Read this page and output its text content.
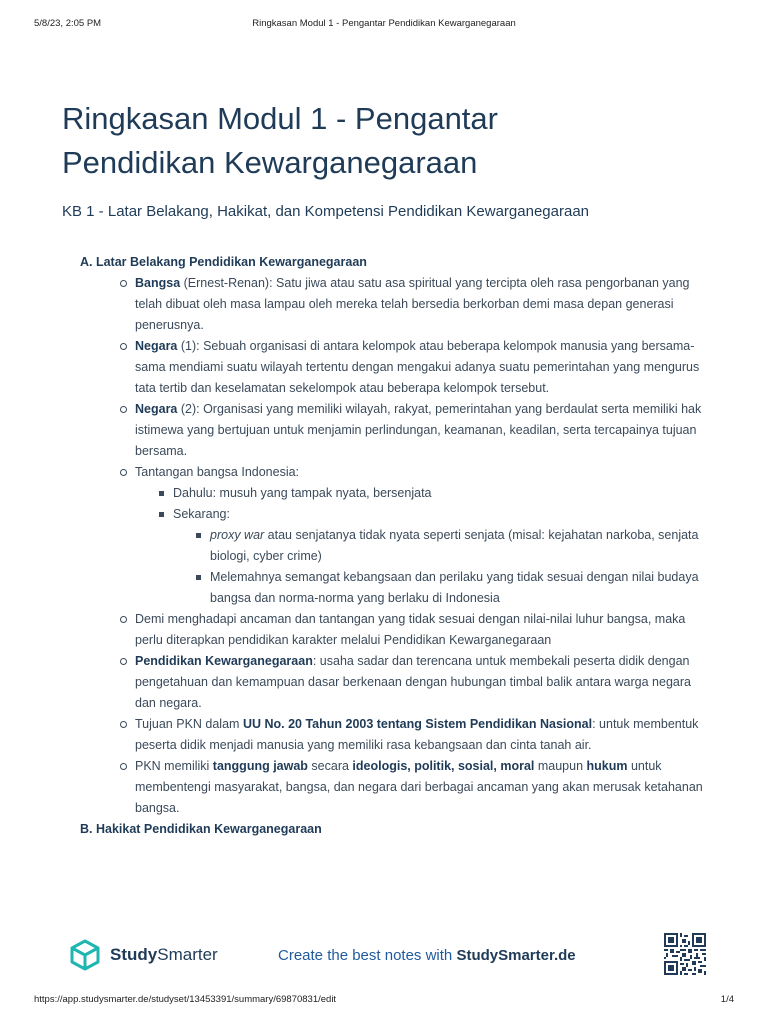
5/8/23, 2:05 PM	Ringkasan Modul 1 - Pengantar Pendidikan Kewarganegaraan
Ringkasan Modul 1 - Pengantar
Pendidikan Kewarganegaraan
KB 1 - Latar Belakang, Hakikat, dan Kompetensi Pendidikan Kewarganegaraan
A. Latar Belakang Pendidikan Kewarganegaraan
Bangsa (Ernest-Renan): Satu jiwa atau satu asa spiritual yang tercipta oleh rasa pengorbanan yang telah dibuat oleh masa lampau oleh mereka telah bersedia berkorban demi masa depan generasi penerusnya.
Negara (1): Sebuah organisasi di antara kelompok atau beberapa kelompok manusia yang bersama-sama mendiami suatu wilayah tertentu dengan mengakui adanya suatu pemerintahan yang mengurus tata tertib dan keselamatan sekelompok atau beberapa kelompok tersebut.
Negara (2): Organisasi yang memiliki wilayah, rakyat, pemerintahan yang berdaulat serta memiliki hak istimewa yang bertujuan untuk menjamin perlindungan, keamanan, keadilan, serta tercapainya tujuan bersama.
Tantangan bangsa Indonesia:
Dahulu: musuh yang tampak nyata, bersenjata
Sekarang:
proxy war atau senjatanya tidak nyata seperti senjata (misal: kejahatan narkoba, senjata biologi, cyber crime)
Melemahnya semangat kebangsaan dan perilaku yang tidak sesuai dengan nilai budaya bangsa dan norma-norma yang berlaku di Indonesia
Demi menghadapi ancaman dan tantangan yang tidak sesuai dengan nilai-nilai luhur bangsa, maka perlu diterapkan pendidikan karakter melalui Pendidikan Kewarganegaraan
Pendidikan Kewarganegaraan: usaha sadar dan terencana untuk membekali peserta didik dengan pengetahuan dan kemampuan dasar berkenaan dengan hubungan timbal balik antara warga negara dan negara.
Tujuan PKN dalam UU No. 20 Tahun 2003 tentang Sistem Pendidikan Nasional: untuk membentuk peserta didik menjadi manusia yang memiliki rasa kebangsaan dan cinta tanah air.
PKN memiliki tanggung jawab secara ideologis, politik, sosial, moral maupun hukum untuk membentengi masyarakat, bangsa, dan negara dari berbagai ancaman yang akan merusak ketahanan bangsa.
B. Hakikat Pendidikan Kewarganegaraan
StudySmarter	Create the best notes with StudySmarter.de
https://app.studysmarter.de/studyset/13453391/summary/69870831/edit	1/4
